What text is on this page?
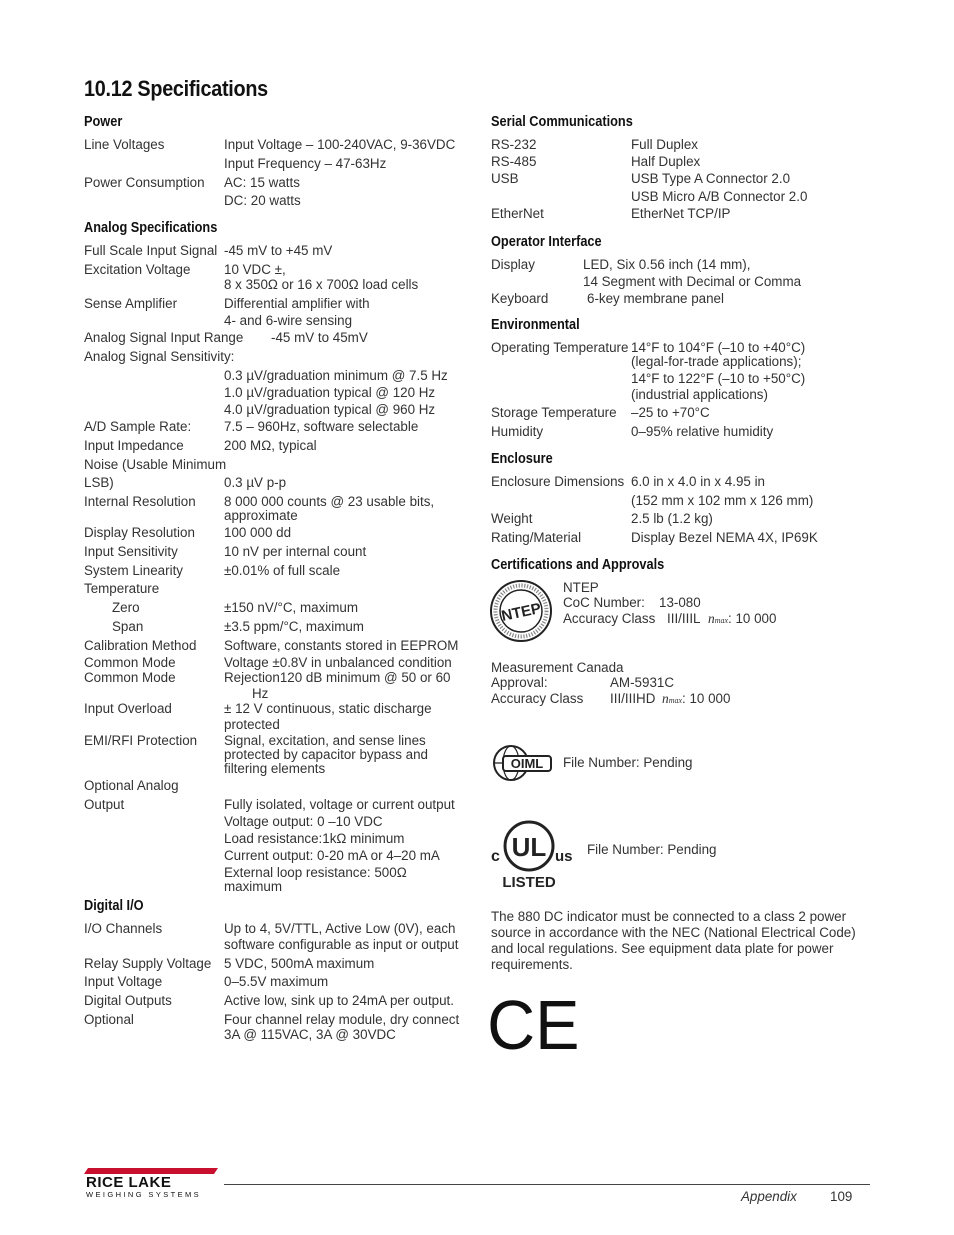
10.12 Specifications
Power
Line Voltages	Input Voltage – 100-240VAC, 9-36VDC
Input Frequency – 47-63Hz
Power Consumption AC: 15 watts
DC: 20 watts
Analog Specifications
Full Scale Input Signal -45 mV to +45 mV
Excitation Voltage	10 VDC ±,
8 x 350Ω or 16 x 700Ω load cells
Sense Amplifier	Differential amplifier with
4- and 6-wire sensing
Analog Signal Input Range -45 mV to 45mV
Analog Signal Sensitivity:
0.3 µV/graduation minimum @ 7.5 Hz
1.0 µV/graduation typical @ 120 Hz
4.0 µV/graduation typical @ 960 Hz
A/D Sample Rate: 7.5 – 960Hz, software selectable
Input Impedance	200 MΩ, typical
Noise (Usable Minimum
LSB)	0.3 µV p-p
Internal Resolution 8 000 000 counts @ 23 usable bits,
approximate
Display Resolution 100 000 dd
Input Sensitivity	10 nV per internal count
System Linearity	±0.01% of full scale
Temperature
Zero	±150 nV/°C, maximum
Span	±3.5 ppm/°C, maximum
Calibration Method Software, constants stored in EEPROM
Common Mode	Voltage ±0.8V in unbalanced condition
Common Mode	Rejection120 dB minimum @ 50 or 60
Hz
Input Overload	± 12 V continuous, static discharge
protected
EMI/RFI Protection Signal, excitation, and sense lines
protected by capacitor bypass and
filtering elements
Optional Analog
Output	Fully isolated, voltage or current output
Voltage output: 0 –10 VDC
Load resistance:1kΩ minimum
Current output: 0-20 mA or 4–20 mA
External loop resistance: 500Ω
maximum
Digital I/O
I/O Channels	Up to 4, 5V/TTL, Active Low (0V), each
software configurable as input or output
Relay Supply Voltage 5 VDC, 500mA maximum
Input Voltage	0–5.5V maximum
Digital Outputs	Active low, sink up to 24mA per output.
Optional	Four channel relay module, dry connect
3A @ 115VAC, 3A @ 30VDC
Serial Communications
RS-232	Full Duplex
RS-485	Half Duplex
USB	USB Type A Connector 2.0
USB Micro A/B Connector 2.0
EtherNet	EtherNet TCP/IP
Operator Interface
Display	LED, Six 0.56 inch (14 mm),
14 Segment with Decimal or Comma
Keyboard	6-key membrane panel
Environmental
Operating Temperature 14°F to 104°F (–10 to +40°C)
(legal-for-trade applications);
14°F to 122°F (–10 to +50°C)
(industrial applications)
Storage Temperature –25 to +70°C
Humidity	0–95% relative humidity
Enclosure
Enclosure Dimensions 6.0 in x 4.0 in x 4.95 in
(152 mm x 102 mm x 126 mm)
Weight	2.5 lb (1.2 kg)
Rating/Material	Display Bezel NEMA 4X, IP69K
Certifications and Approvals
NTEP
NTEP
CoC Number: 13-080
Accuracy Class III/IIIL nmax: 10 000
Measurement Canada
Approval:	AM-5931C
Accuracy Class III/IIIHD nmax: 10 000
OIML File Number: Pending
UL
c	us
LISTED
File Number: Pending
The 880 DC indicator must be connected to a class 2 power source in accordance with the NEC (National Electrical Code) and local regulations. See equipment data plate for power requirements.
CE
RICE LAKE
WEIGHING SYSTEMS	Appendix 109
